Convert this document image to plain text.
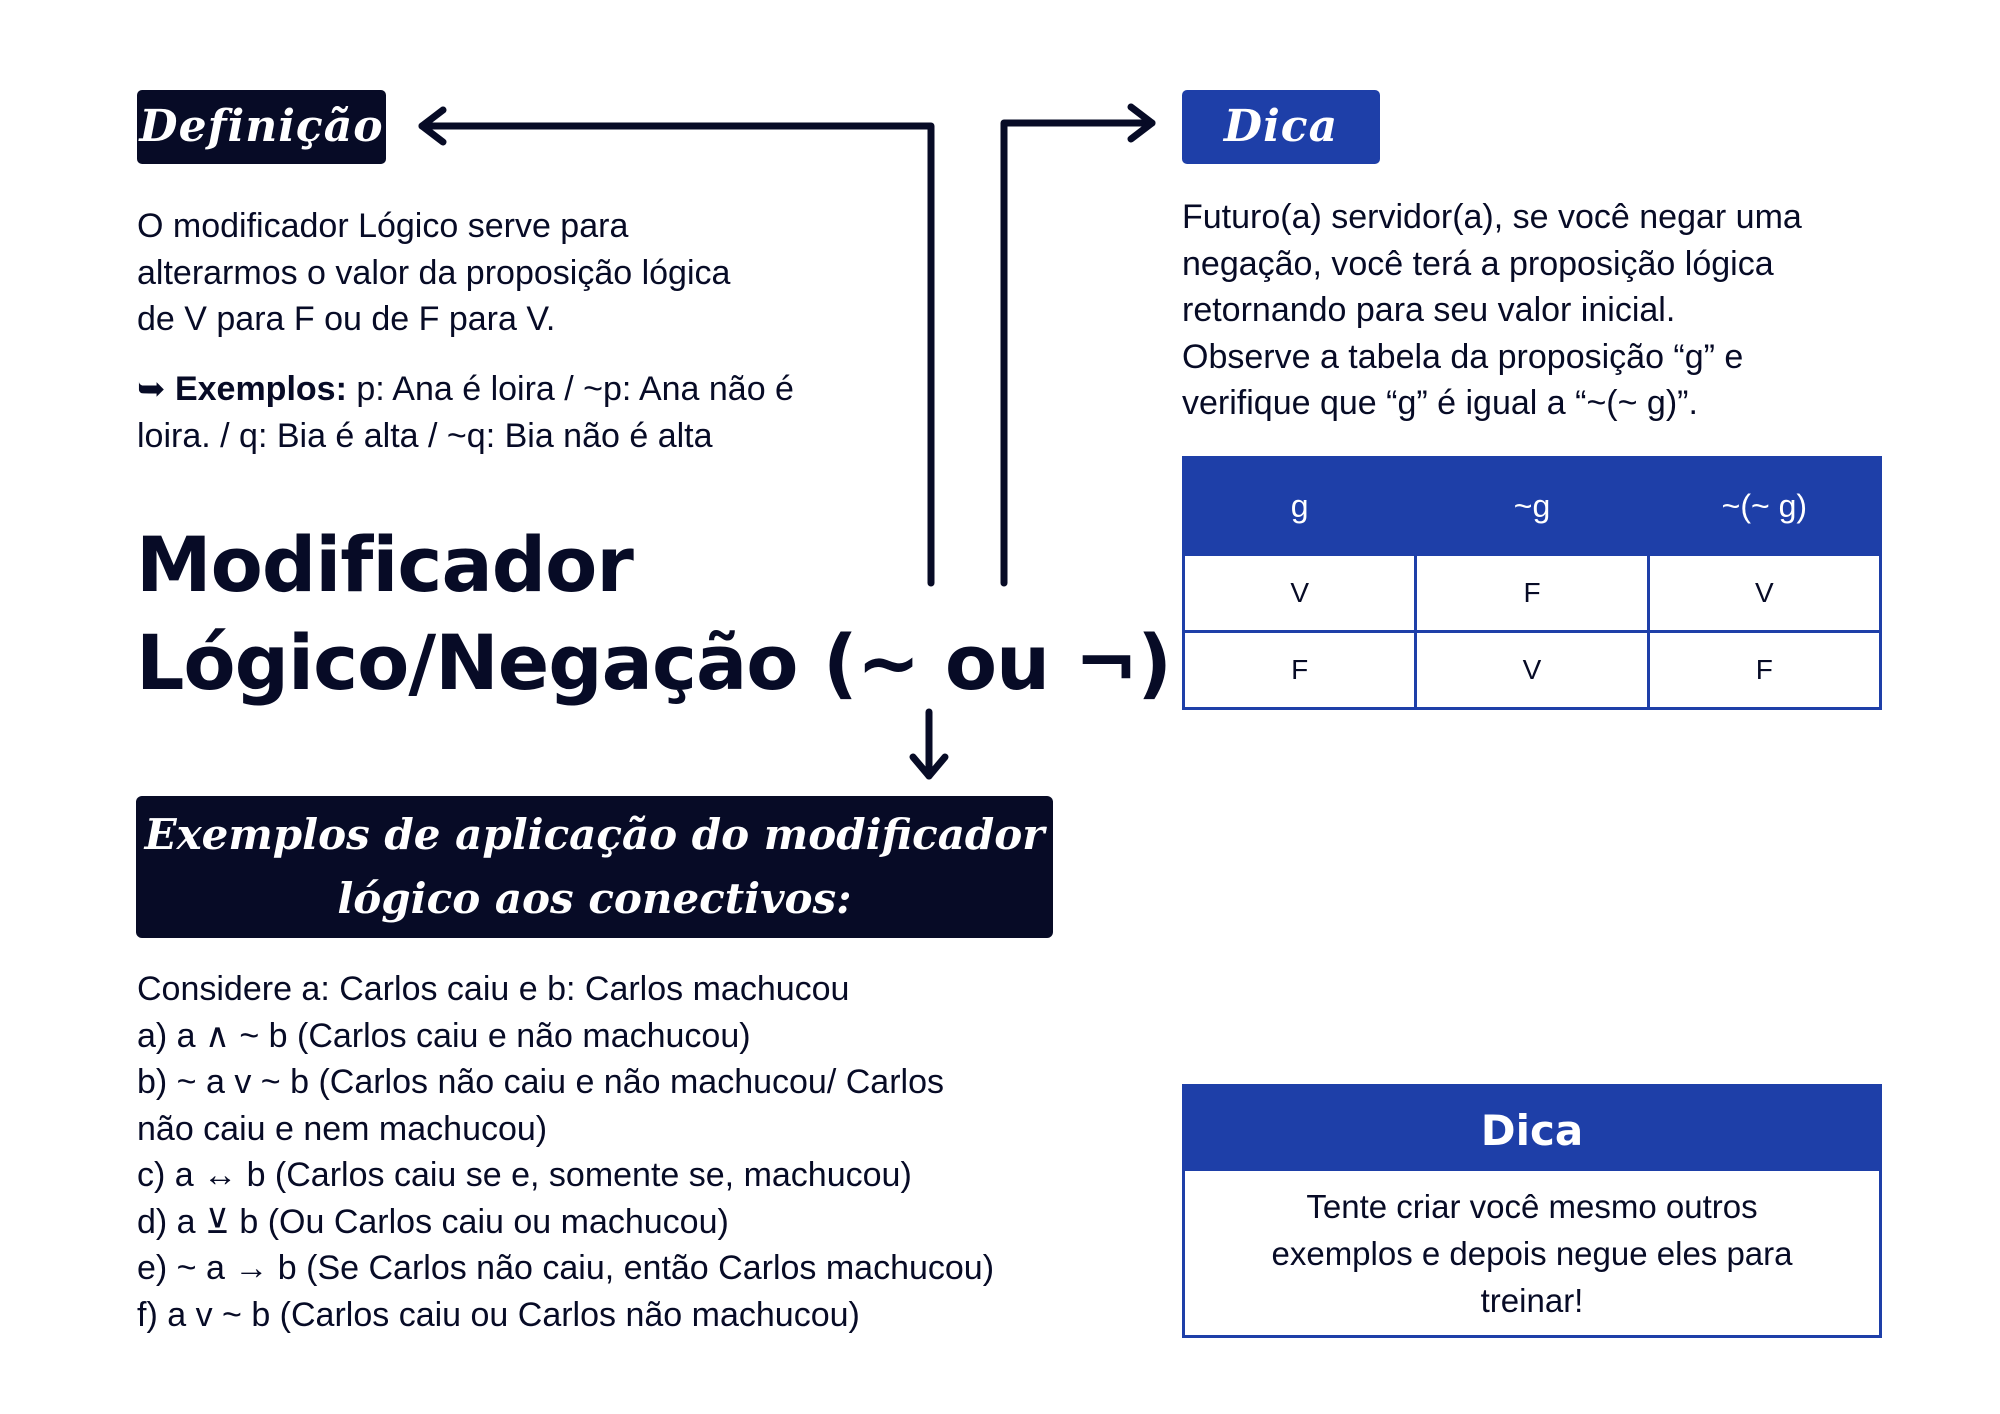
Definição

O modificador Lógico serve para

alterarmos o valor da proposição lógica

de V para F ou de F para V.

➥ Exemplos: p: Ana é loira / ~p: Ana não é

loira. / q: Bia é alta / ~q: Bia não é alta

Modificador
Lógico/Negação (~ ou ¬)
Dica

Futuro(a) servidor(a), se você negar uma

negação, você terá a proposição lógica

retornando para seu valor inicial.

Observe a tabela da proposição “g” e

verifique que “g” é igual a “~(~ g)”.

g	~g	~(~ g)
V	F	V
F	V	F
Exemplos de aplicação do modificador
lógico aos conectivos:

Considere a: Carlos caiu e b: Carlos machucou

a) a ∧ ~ b (Carlos caiu e não machucou)

b) ~ a v ~ b (Carlos não caiu e não machucou/ Carlos

não caiu e nem machucou)

c) a ↔ b (Carlos caiu se e, somente se, machucou)

d) a ⊻ b (Ou Carlos caiu ou machucou)

e) ~ a → b (Se Carlos não caiu, então Carlos machucou)

f) a v ~ b (Carlos caiu ou Carlos não machucou)

Dica
Tente criar você mesmo outros
exemplos e depois negue eles para
treinar!
